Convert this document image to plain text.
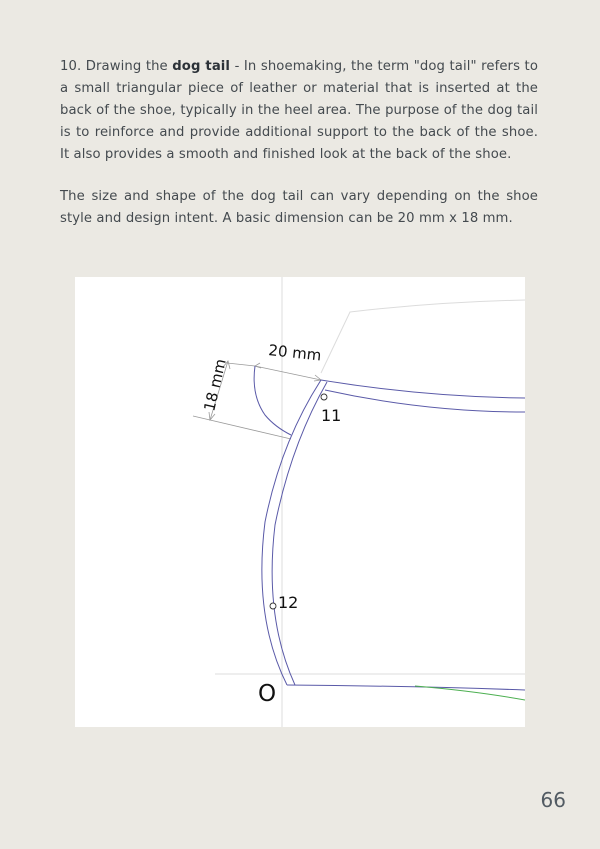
10. Drawing the dog tail - In shoemaking, the term "dog tail" refers to a small triangular piece of leather or material that is inserted at the back of the shoe, typically in the heel area. The purpose of the dog tail is to reinforce and provide additional support to the back of the shoe. It also provides a smooth and finished look at the back of the shoe.

The size and shape of the dog tail can vary depending on the shoe style and design intent. A basic dimension can be 20 mm x 18 mm.

20 mm
18 mm
11
12
O
66
